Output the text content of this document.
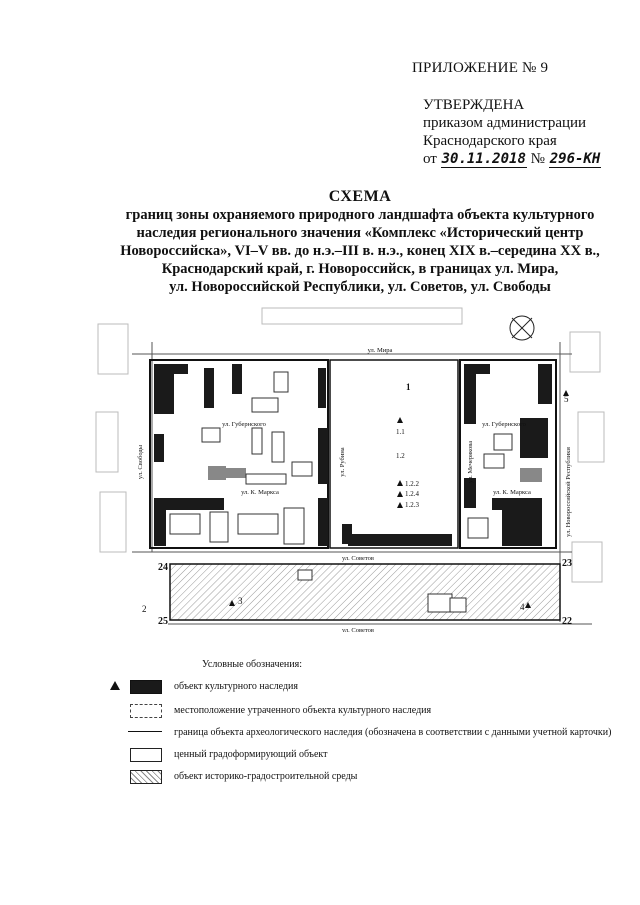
ПРИЛОЖЕНИЕ № 9
УТВЕРЖДЕНА
приказом администрации
Краснодарского края
от 30.11.2018 № 296-КН
СХЕМА
границ зоны охраняемого природного ландшафта объекта культурного
наследия регионального значения «Комплекс «Исторический центр
Новороссийска», VI–V вв. до н.э.–III в. н.э., конец XIX в.–середина XX в.,
Краснодарский край, г. Новороссийск, в границах ул. Мира,
ул. Новороссийской Республики, ул. Советов, ул. Свободы
ул. Мира
ул. Свободы
ул. Губернского	ул. Губернского
ул. К. Маркса	ул. К. Маркса
ул. Рубина	ул. Мечерякова
ул. Советов
ул. Советов
ул. Новороссийской Республики
1
1.1
1.2
1.2.2
1.2.4
1.2.3
5
2
3
4
24	23
25	22
Условные обозначения:
объект культурного наследия
местоположение утраченного объекта культурного наследия
граница объекта археологического наследия (обозначена в соответствии с данными учетной карточки)
ценный градоформирующий объект
объект историко-градостроительной среды
